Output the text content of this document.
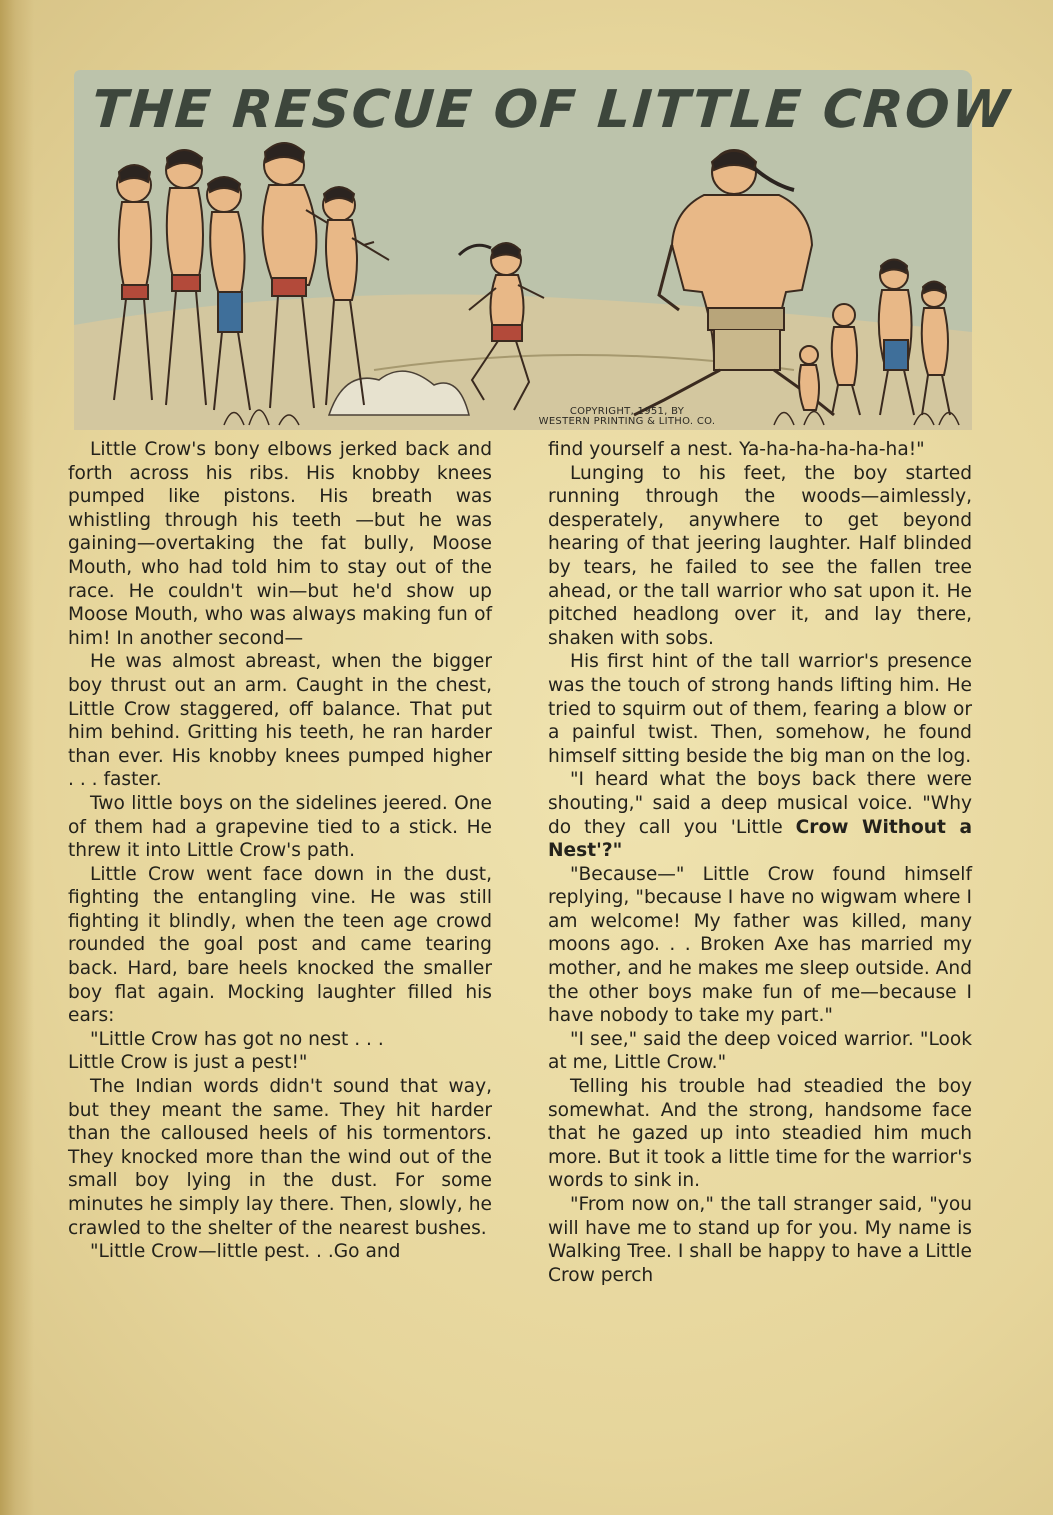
THE RESCUE OF LITTLE CROW
COPYRIGHT, 1951, BY
WESTERN PRINTING & LITHO. CO.

Little Crow's bony elbows jerked back and forth across his ribs. His knobby knees pumped like pistons. His breath was whistling through his teeth —but he was gaining—overtaking the fat bully, Moose Mouth, who had told him to stay out of the race. He couldn't win—but he'd show up Moose Mouth, who was always making fun of him! In another second—

He was almost abreast, when the bigger boy thrust out an arm. Caught in the chest, Little Crow staggered, off balance. That put him behind. Gritting his teeth, he ran harder than ever. His knobby knees pumped higher . . . faster.

Two little boys on the sidelines jeered. One of them had a grapevine tied to a stick. He threw it into Little Crow's path.

Little Crow went face down in the dust, fighting the entangling vine. He was still fighting it blindly, when the teen age crowd rounded the goal post and came tearing back. Hard, bare heels knocked the smaller boy flat again. Mocking laughter filled his ears:

"Little Crow has got no nest . . .
Little Crow is just a pest!"

The Indian words didn't sound that way, but they meant the same. They hit harder than the calloused heels of his tormentors. They knocked more than the wind out of the small boy lying in the dust. For some minutes he simply lay there. Then, slowly, he crawled to the shelter of the nearest bushes.

"Little Crow—little pest. . .Go and

find yourself a nest. Ya-ha-ha-ha-ha-ha!"

Lunging to his feet, the boy started running through the woods—aimlessly, desperately, anywhere to get beyond hearing of that jeering laughter. Half blinded by tears, he failed to see the fallen tree ahead, or the tall warrior who sat upon it. He pitched headlong over it, and lay there, shaken with sobs.

His first hint of the tall warrior's presence was the touch of strong hands lifting him. He tried to squirm out of them, fearing a blow or a painful twist. Then, somehow, he found himself sitting beside the big man on the log.

"I heard what the boys back there were shouting," said a deep musical voice. "Why do they call you 'Little Crow Without a Nest'?"

"Because—" Little Crow found himself replying, "because I have no wigwam where I am welcome! My father was killed, many moons ago. . . Broken Axe has married my mother, and he makes me sleep outside. And the other boys make fun of me—because I have nobody to take my part."

"I see," said the deep voiced warrior. "Look at me, Little Crow."

Telling his trouble had steadied the boy somewhat. And the strong, handsome face that he gazed up into steadied him much more. But it took a little time for the warrior's words to sink in.

"From now on," the tall stranger said, "you will have me to stand up for you. My name is Walking Tree. I shall be happy to have a Little Crow perch
